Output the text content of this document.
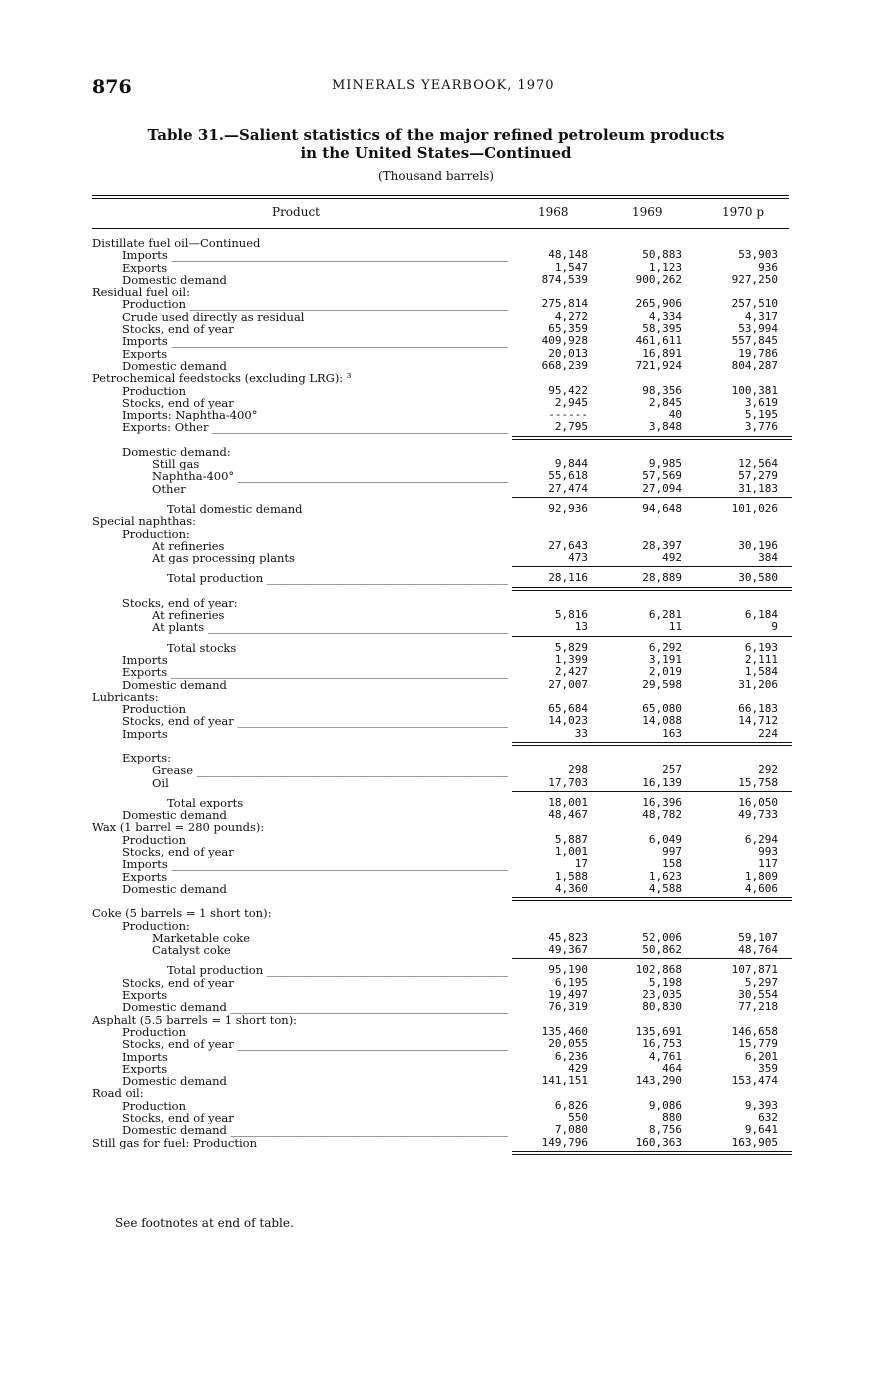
876	MINERALS YEARBOOK, 1970
Table 31.—Salient statistics of the major refined petroleum products
in the United States—Continued
(Thousand barrels)
Product	1968	1969	1970 p
Distillate fuel oil—Continued
Imports _____	48,148	50,883	53,903
Exports _____	1,547	1,123	936
Domestic demand _____	874,539	900,262	927,250
Residual fuel oil:
Production _____	275,814	265,906	257,510
Crude used directly as residual _____	4,272	4,334	4,317
Stocks, end of year _____	65,359	58,395	53,994
Imports _____	409,928	461,611	557,845
Exports _____	20,013	16,891	19,786
Domestic demand _____	668,239	721,924	804,287
Petrochemical feedstocks (excluding LRG): ³
Production _____	95,422	98,356	100,381
Stocks, end of year _____	2,945	2,845	3,619
Imports: Naphtha-400° _____	------	40	5,195
Exports: Other _____	2,795	3,848	3,776
Domestic demand:
Still gas _____	9,844	9,985	12,564
Naphtha-400° _____	55,618	57,569	57,279
Other _____	27,474	27,094	31,183
Total domestic demand _____	92,936	94,648	101,026
Special naphthas:
Production:
At refineries _____	27,643	28,397	30,196
At gas processing plants _____	473	492	384
Total production _____	28,116	28,889	30,580
Stocks, end of year:
At refineries _____	5,816	6,281	6,184
At plants _____	13	11	9
Total stocks _____	5,829	6,292	6,193
Imports _____	1,399	3,191	2,111
Exports _____	2,427	2,019	1,584
Domestic demand _____	27,007	29,598	31,206
Lubricants:
Production _____	65,684	65,080	66,183
Stocks, end of year _____	14,023	14,088	14,712
Imports _____	33	163	224
Exports:
Grease _____	298	257	292
Oil _____	17,703	16,139	15,758
Total exports _____	18,001	16,396	16,050
Domestic demand _____	48,467	48,782	49,733
Wax (1 barrel = 280 pounds):
Production _____	5,887	6,049	6,294
Stocks, end of year _____	1,001	997	993
Imports _____	17	158	117
Exports _____	1,588	1,623	1,809
Domestic demand _____	4,360	4,588	4,606
Coke (5 barrels = 1 short ton):
Production:
Marketable coke _____	45,823	52,006	59,107
Catalyst coke _____	49,367	50,862	48,764
Total production _____	95,190	102,868	107,871
Stocks, end of year _____	6,195	5,198	5,297
Exports _____	19,497	23,035	30,554
Domestic demand _____	76,319	80,830	77,218
Asphalt (5.5 barrels = 1 short ton):
Production _____	135,460	135,691	146,658
Stocks, end of year _____	20,055	16,753	15,779
Imports _____	6,236	4,761	6,201
Exports _____	429	464	359
Domestic demand _____	141,151	143,290	153,474
Road oil:
Production _____	6,826	9,086	9,393
Stocks, end of year _____	550	880	632
Domestic demand _____	7,080	8,756	9,641
Still gas for fuel: Production _____	149,796	160,363	163,905
See footnotes at end of table.
